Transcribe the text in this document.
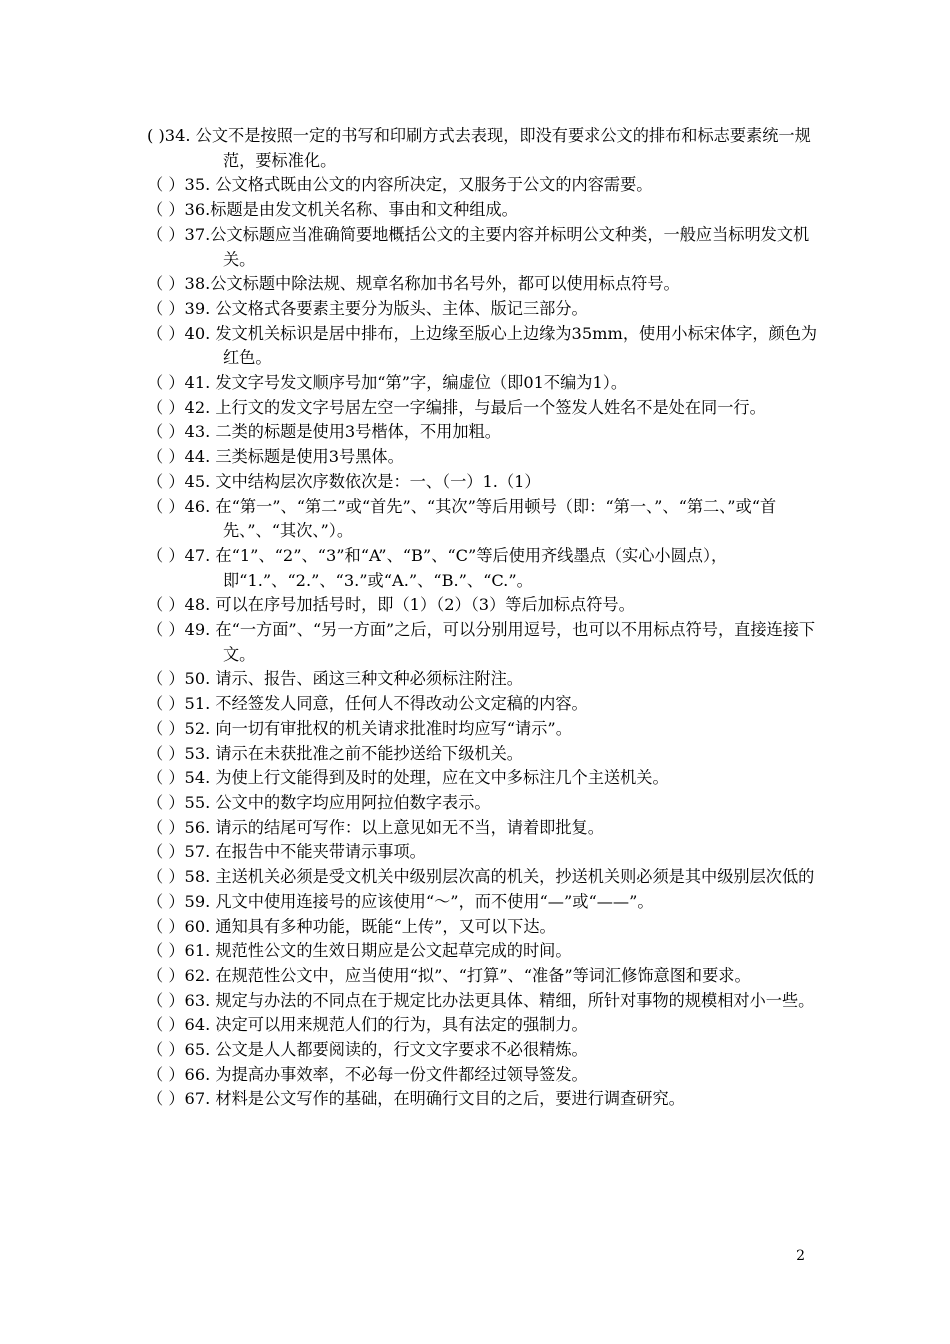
( )34. 公文不是按照一定的书写和印刷方式去表现，即没有要求公文的排布和标志要素统一规范，要标准化。
（ ）35. 公文格式既由公文的内容所决定，又服务于公文的内容需要。
（ ）36.标题是由发文机关名称、事由和文种组成。
（ ）37.公文标题应当准确简要地概括公文的主要内容并标明公文种类，一般应当标明发文机关。
（ ）38.公文标题中除法规、规章名称加书名号外，都可以使用标点符号。
（ ）39. 公文格式各要素主要分为版头、主体、版记三部分。
（ ）40. 发文机关标识是居中排布，上边缘至版心上边缘为35mm，使用小标宋体字，颜色为红色。
（ ）41. 发文字号发文顺序号加“第”字，编虚位（即01不编为1）。
（ ）42. 上行文的发文字号居左空一字编排，与最后一个签发人姓名不是处在同一行。
（ ）43. 二类的标题是使用3号楷体，不用加粗。
（ ）44. 三类标题是使用3号黑体。
（ ）45. 文中结构层次序数依次是：一、（一）1.（1）
（ ）46. 在“第一”、“第二”或“首先”、“其次”等后用顿号（即：“第一、”、“第二、”或“首先、”、“其次、”）。
（ ）47. 在“1”、“2”、“3”和“A”、“B”、“C”等后使用齐线墨点（实心小圆点），即“1.”、“2.”、“3.”或“A.”、“B.”、“C.”。
（ ）48. 可以在序号加括号时，即（1）（2）（3）等后加标点符号。
（ ）49. 在“一方面”、“另一方面”之后，可以分别用逗号，也可以不用标点符号，直接连接下文。
（ ）50. 请示、报告、函这三种文种必须标注附注。
（ ）51. 不经签发人同意，任何人不得改动公文定稿的内容。
（ ）52. 向一切有审批权的机关请求批准时均应写“请示”。
（ ）53. 请示在未获批准之前不能抄送给下级机关。
（ ）54. 为使上行文能得到及时的处理，应在文中多标注几个主送机关。
（ ）55. 公文中的数字均应用阿拉伯数字表示。
（ ）56. 请示的结尾可写作：以上意见如无不当，请着即批复。
（ ）57. 在报告中不能夹带请示事项。
（ ）58. 主送机关必须是受文机关中级别层次高的机关，抄送机关则必须是其中级别层次低的
（ ）59. 凡文中使用连接号的应该使用“～”，而不使用“—”或“——”。
（ ）60. 通知具有多种功能，既能“上传”，又可以下达。
（ ）61. 规范性公文的生效日期应是公文起草完成的时间。
（ ）62. 在规范性公文中，应当使用“拟”、“打算”、“准备”等词汇修饰意图和要求。
（ ）63. 规定与办法的不同点在于规定比办法更具体、精细，所针对事物的规模相对小一些。
（ ）64. 决定可以用来规范人们的行为，具有法定的强制力。
（ ）65. 公文是人人都要阅读的，行文文字要求不必很精炼。
（ ）66. 为提高办事效率，不必每一份文件都经过领导签发。
（ ）67. 材料是公文写作的基础，在明确行文目的之后，要进行调查研究。
2
